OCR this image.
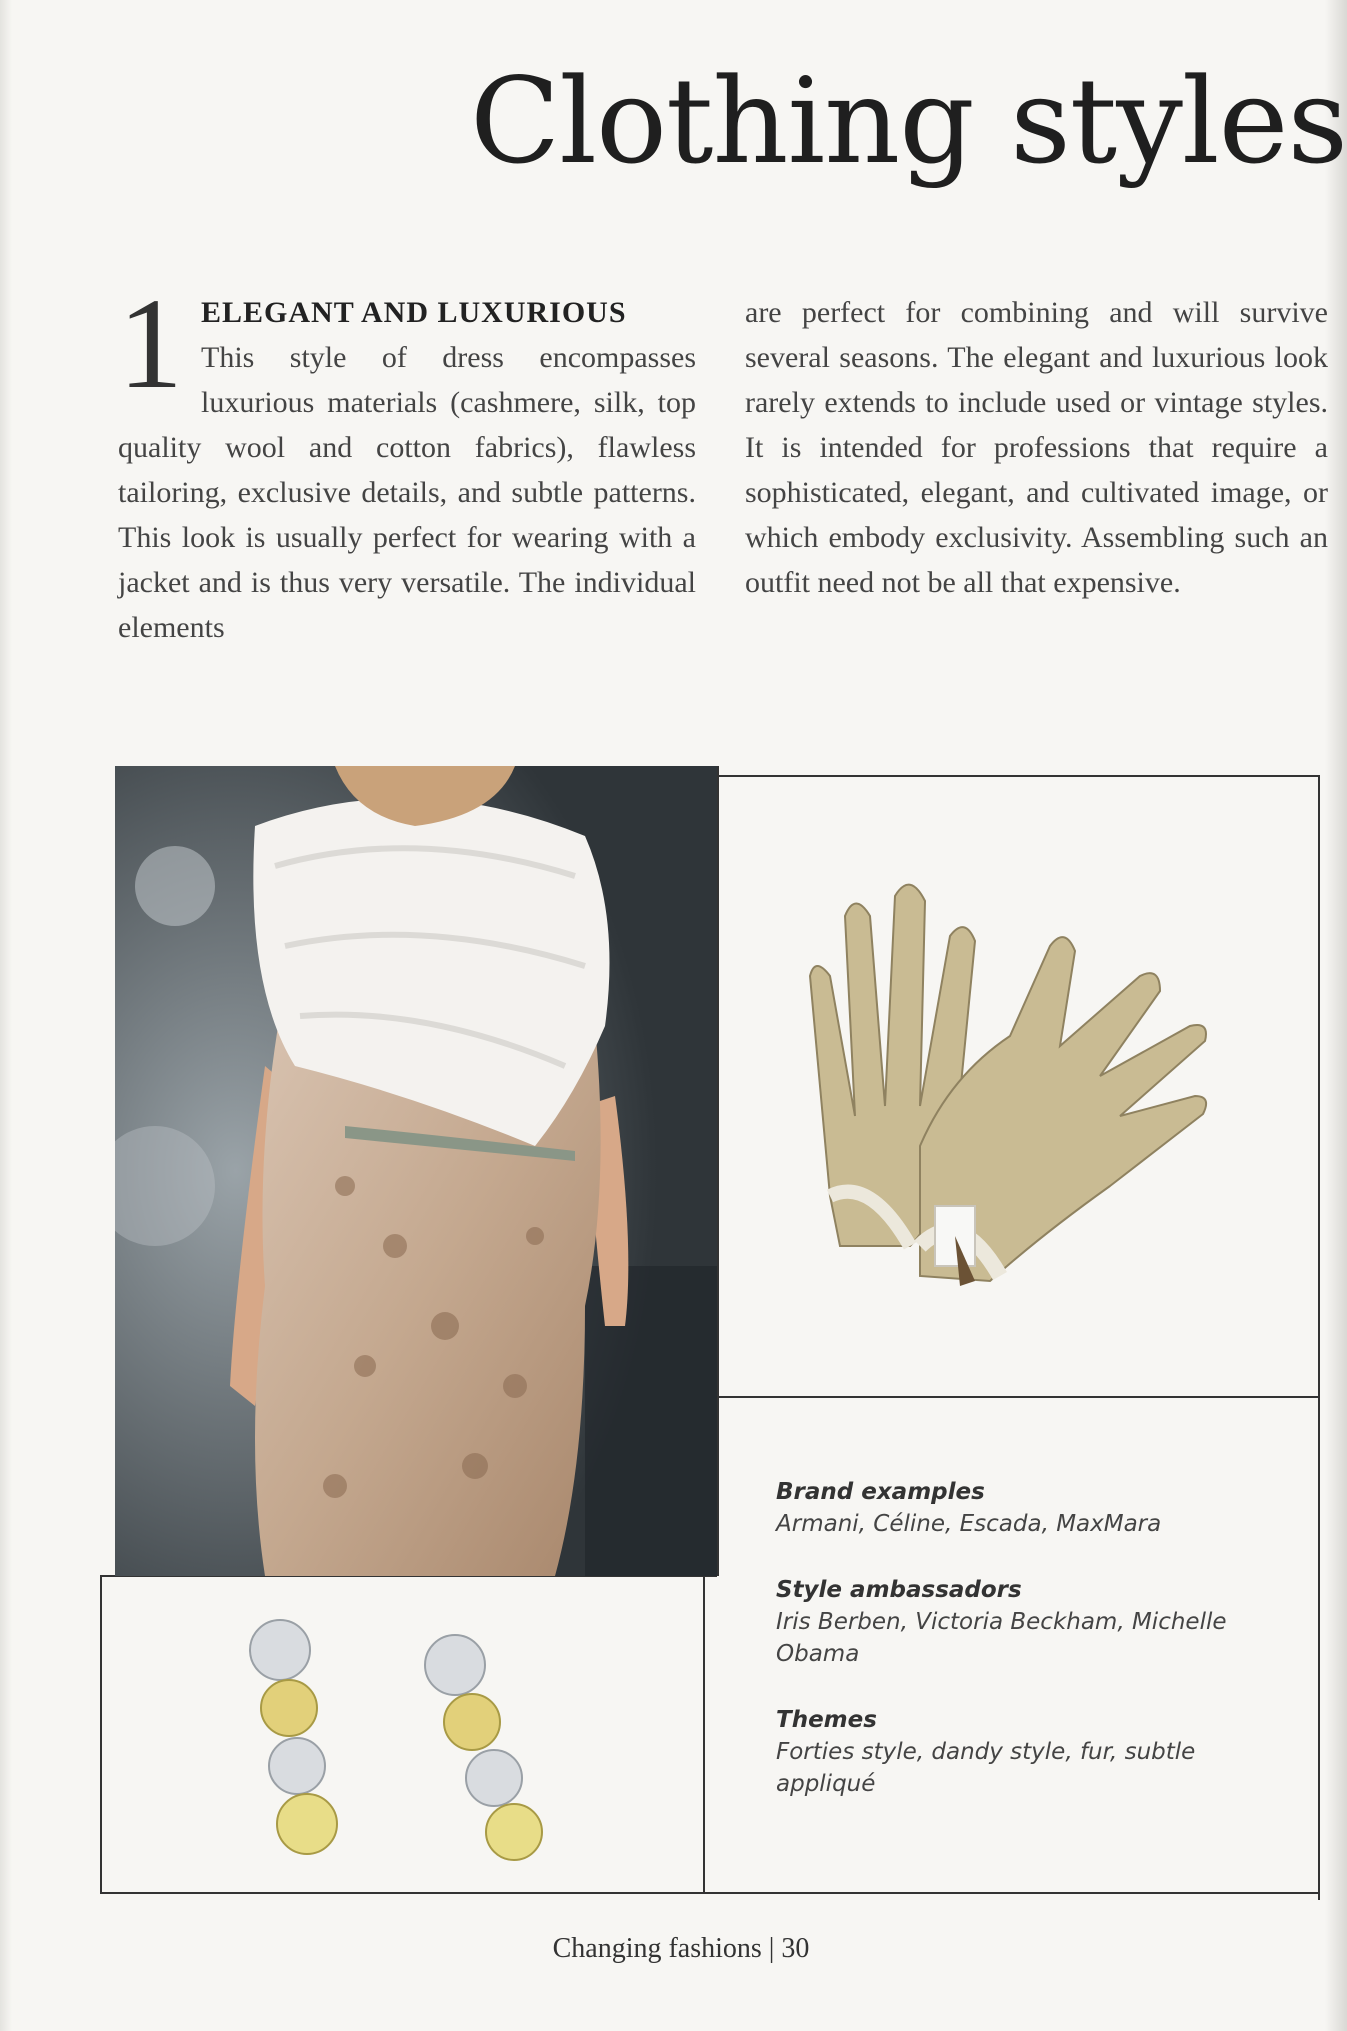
Clothing styles
1 ELEGANT AND LUXURIOUS
This style of dress encompasses luxurious materials (cashmere, silk, top quality wool and cotton fabrics), flawless tailoring, exclusive details, and subtle patterns. This look is usually perfect for wearing with a jacket and is thus very versatile. The individual elements
are perfect for combining and will survive several seasons. The elegant and luxurious look rarely extends to include used or vintage styles. It is intended for professions that require a sophisticated, elegant, and cultivated image, or which embody exclusivity. Assembling such an outfit need not be all that expensive.

Brand examples

Armani, Céline, Escada, MaxMara

Style ambassadors

Iris Berben, Victoria Beckham, Michelle Obama

Themes

Forties style, dandy style, fur, subtle appliqué

Changing fashions | 30
